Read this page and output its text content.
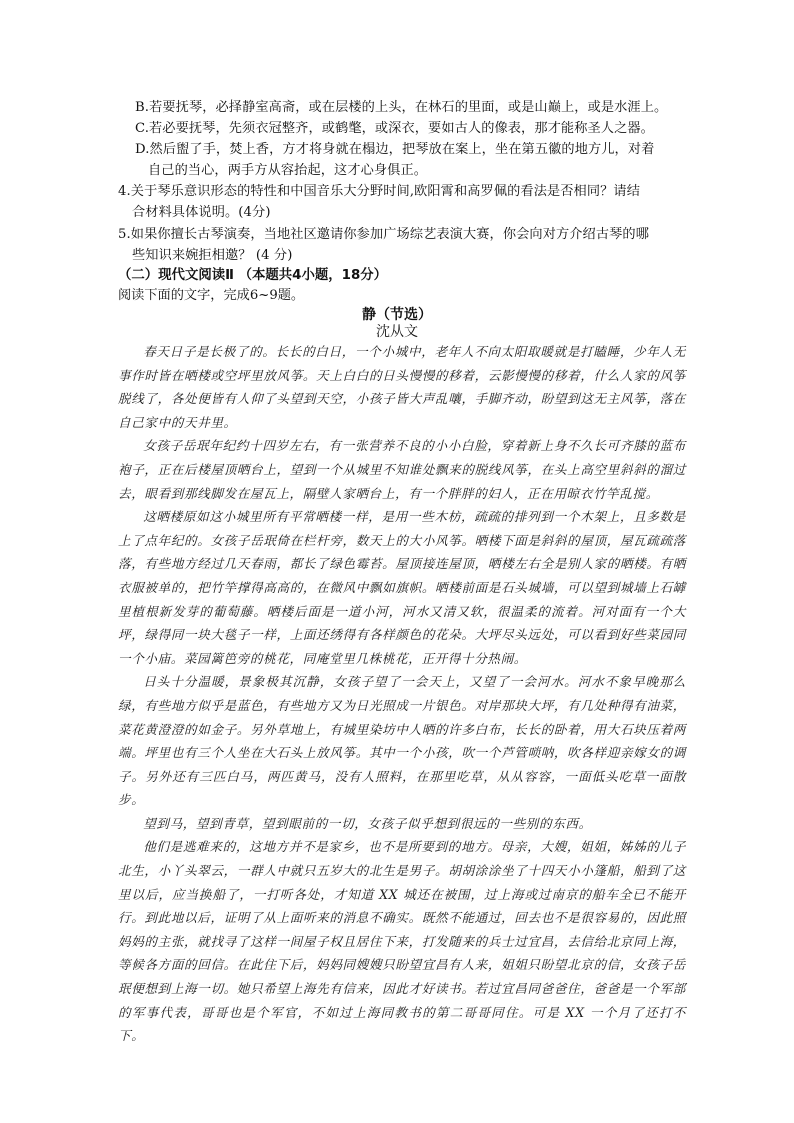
B.若要抚琴，必择静室高斋，或在层楼的上头，在林石的里面，或是山巅上，或是水涯上。
C.若必要抚琴，先须衣冠整齐，或鹤氅，或深衣，要如古人的像表，那才能称圣人之器。
D.然后盥了手，焚上香，方才将身就在榻边，把琴放在案上，坐在第五徽的地方儿，对着
自己的当心，两手方从容抬起，这才心身俱正。
4.关于琴乐意识形态的特性和中国音乐大分野时间,欧阳霄和高罗佩的看法是否相同？请结
合材料具体说明。(4分)
5.如果你擅长古琴演奏，当地社区邀请你参加广场综艺表演大赛，你会向对方介绍古琴的哪
些知识来婉拒相邀？ (4 分)
（二）现代文阅读Ⅱ （本题共4小题，18分）
阅读下面的文字，完成6~9题。
静（节选）
沈从文

春天日子是长极了的。长长的白日，一个小城中，老年人不向太阳取暖就是打瞌睡，少年人无事作时皆在晒楼或空坪里放风筝。天上白白的日头慢慢的移着，云影慢慢的移着，什么人家的风筝脱线了，各处便皆有人仰了头望到天空，小孩子皆大声乱嚷，手脚齐动，盼望到这无主风筝，落在自己家中的天井里。

女孩子岳珉年纪约十四岁左右，有一张营养不良的小小白脸，穿着新上身不久长可齐膝的蓝布袍子，正在后楼屋顶晒台上，望到一个从城里不知谁处飘来的脱线风筝，在头上高空里斜斜的溜过去，眼看到那线脚发在屋瓦上，隔壁人家晒台上，有一个胖胖的妇人，正在用晾衣竹竿乱搅。

这晒楼原如这小城里所有平常晒楼一样，是用一些木枋，疏疏的排列到一个木架上，且多数是上了点年纪的。女孩子岳珉倚在栏杆旁，数天上的大小风筝。晒楼下面是斜斜的屋顶，屋瓦疏疏落落，有些地方经过几天春雨，都长了绿色霉苔。屋顶接连屋顶，晒楼左右全是别人家的晒楼。有晒衣服被单的，把竹竿撑得高高的，在微风中飘如旗帜。晒楼前面是石头城墙，可以望到城墙上石罅里植根新发芽的葡萄藤。晒楼后面是一道小河，河水又清又软，很温柔的流着。河对面有一个大坪，绿得同一块大毯子一样，上面还绣得有各样颜色的花朵。大坪尽头远处，可以看到好些菜园同一个小庙。菜园篱笆旁的桃花，同庵堂里几株桃花，正开得十分热闹。

日头十分温暖，景象极其沉静，女孩子望了一会天上，又望了一会河水。河水不象早晚那么绿，有些地方似乎是蓝色，有些地方又为日光照成一片银色。对岸那块大坪，有几处种得有油菜，菜花黄澄澄的如金子。另外草地上，有城里染坊中人晒的许多白布，长长的卧着，用大石块压着两端。坪里也有三个人坐在大石头上放风筝。其中一个小孩，吹一个芦管唢呐，吹各样迎亲嫁女的调子。另外还有三匹白马，两匹黄马，没有人照料，在那里吃草，从从容容，一面低头吃草一面散步。

望到马，望到青草，望到眼前的一切，女孩子似乎想到很远的一些别的东西。

他们是逃难来的，这地方并不是家乡，也不是所要到的地方。母亲，大嫂，姐姐，姊姊的儿子北生，小丫头翠云，一群人中就只五岁大的北生是男子。胡胡涂涂坐了十四天小小篷船，船到了这里以后，应当换船了，一打听各处，才知道 XX 城还在被围，过上海或过南京的船车全已不能开行。到此地以后，证明了从上面听来的消息不确实。既然不能通过，回去也不是很容易的，因此照妈妈的主张，就找寻了这样一间屋子权且居住下来，打发随来的兵士过宜昌，去信给北京同上海，等候各方面的回信。在此住下后，妈妈同嫂嫂只盼望宜昌有人来，姐姐只盼望北京的信，女孩子岳珉便想到上海一切。她只希望上海先有信来，因此才好读书。若过宜昌同爸爸住，爸爸是一个军部的军事代表，哥哥也是个军官，不如过上海同教书的第二哥哥同住。可是 XX 一个月了还打不下。
